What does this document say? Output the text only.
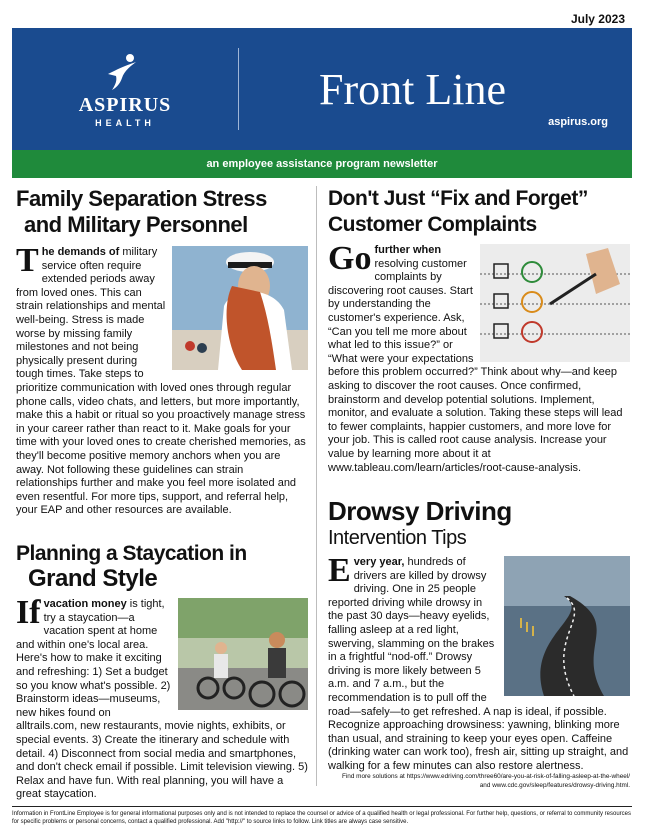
July 2023
ASPIRUS
HEALTH
Front Line
aspirus.org
an employee assistance program newsletter
Family Separation Stress
and Military Personnel

The demands of military service often require extended periods away from loved ones. This can strain relationships and mental well-being. Stress is made worse by missing family milestones and not being physically present during tough times. Take steps to prioritize communication with loved ones through regular phone calls, video chats, and letters, but more importantly, make this a habit or ritual so you proactively manage stress in your career rather than react to it. Make goals for your time with your loved ones to create cherished memories, as they'll become positive memory anchors when you are away. Not following these guidelines can strain relationships further and make you feel more isolated and even resentful. For more tips, support, and referral help, your EAP and other resources are available.

Planning a Staycation in
Grand Style

If vacation money is tight, try a staycation—a vacation spent at home and within one's local area. Here's how to make it exciting and refreshing: 1) Set a budget so you know what's possible. 2) Brainstorm ideas—museums, new hikes found on alltrails.com, new restaurants, movie nights, exhibits, or special events. 3) Create the itinerary and schedule with detail. 4) Disconnect from social media and smartphones, and don't check email if possible. Limit television viewing. 5) Relax and have fun. With real planning, you will have a great staycation.

Don't Just “Fix and Forget”
Customer Complaints

Go further when resolving customer complaints by discovering root causes. Start by understanding the customer's experience. Ask, “Can you tell me more about what led to this issue?” or “What were your expectations before this problem occurred?” Think about why—and keep asking to discover the root causes. Once confirmed, brainstorm and develop potential solutions. Implement, monitor, and evaluate a solution. Taking these steps will lead to fewer complaints, happier customers, and more love for your job. This is called root cause analysis. Increase your value by learning more about it at www.tableau.com/learn/articles/root-cause-analysis.

Drowsy Driving
Intervention Tips

Every year, hundreds of drivers are killed by drowsy driving. One in 25 people reported driving while drowsy in the past 30 days—heavy eyelids, falling asleep at a red light, swerving, slamming on the brakes in a frightful “nod-off.” Drowsy driving is more likely between 5 a.m. and 7 a.m., but the recommendation is to pull off the road—safely—to get refreshed. A nap is ideal, if possible. Recognize approaching drowsiness: yawning, blinking more than usual, and straining to keep your eyes open. Caffeine (drinking water can work too), fresh air, sitting up straight, and walking for a few minutes can also restore alertness.

Find more solutions at https://www.edriving.com/three60/are-you-at-risk-of-falling-asleep-at-the-wheel/
and www.cdc.gov/sleep/features/drowsy-driving.html.
Information in FrontLine Employee is for general informational purposes only and is not intended to replace the counsel or advice of a qualified health or legal professional. For further help, questions, or referral to community resources for specific problems or personal concerns, contact a qualified professional. Add "http://" to source links to follow. Link titles are always case sensitive.
